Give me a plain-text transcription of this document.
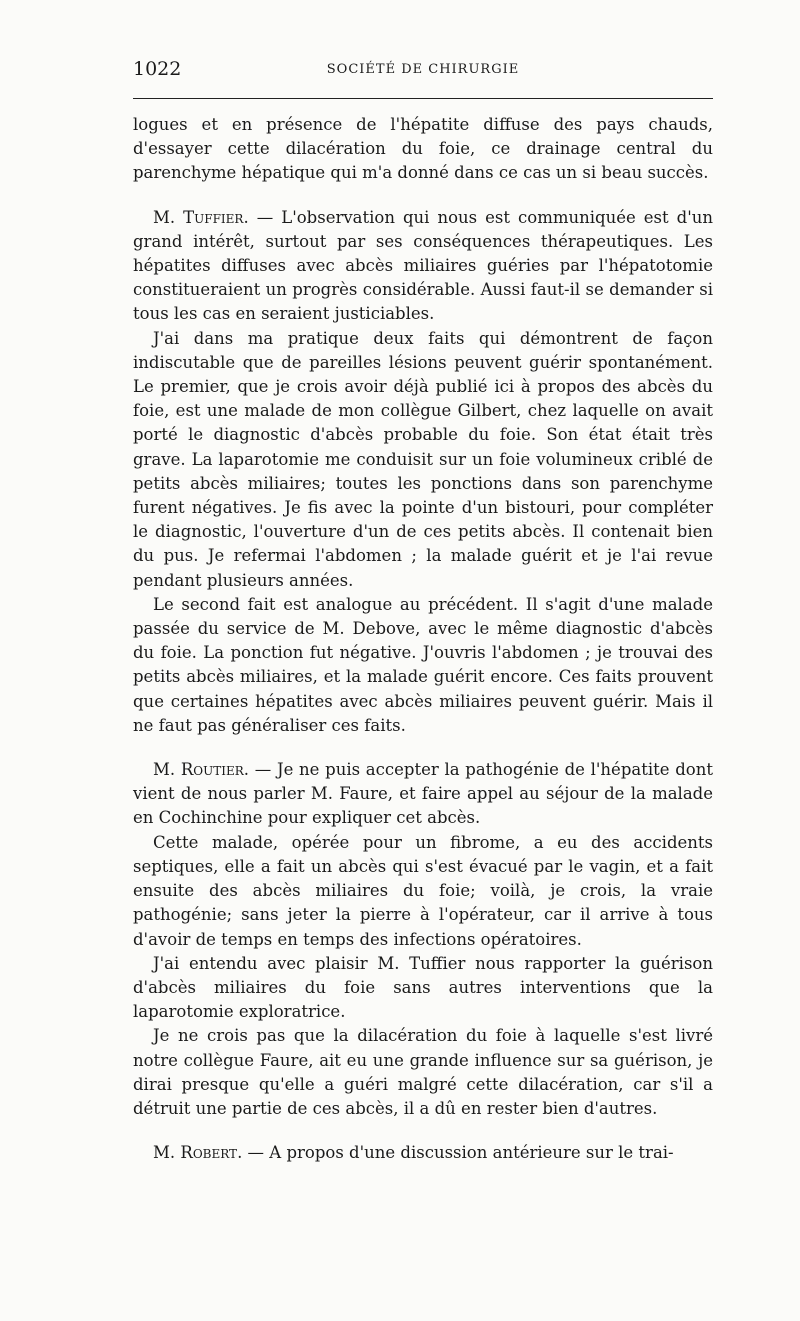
1022	SOCIÉTÉ DE CHIRURGIE

logues et en présence de l'hépatite diffuse des pays chauds, d'essayer cette dilacération du foie, ce drainage central du parenchyme hépatique qui m'a donné dans ce cas un si beau succès.

M. Tuffier. — L'observation qui nous est communiquée est d'un grand intérêt, surtout par ses conséquences thérapeutiques. Les hépatites diffuses avec abcès miliaires guéries par l'hépatotomie constitueraient un progrès considérable. Aussi faut-il se demander si tous les cas en seraient justiciables.

J'ai dans ma pratique deux faits qui démontrent de façon indiscutable que de pareilles lésions peuvent guérir spontanément. Le premier, que je crois avoir déjà publié ici à propos des abcès du foie, est une malade de mon collègue Gilbert, chez laquelle on avait porté le diagnostic d'abcès probable du foie. Son état était très grave. La laparotomie me conduisit sur un foie volumineux criblé de petits abcès miliaires; toutes les ponctions dans son parenchyme furent négatives. Je fis avec la pointe d'un bistouri, pour compléter le diagnostic, l'ouverture d'un de ces petits abcès. Il contenait bien du pus. Je refermai l'abdomen ; la malade guérit et je l'ai revue pendant plusieurs années.

Le second fait est analogue au précédent. Il s'agit d'une malade passée du service de M. Debove, avec le même diagnostic d'abcès du foie. La ponction fut négative. J'ouvris l'abdomen ; je trouvai des petits abcès miliaires, et la malade guérit encore. Ces faits prouvent que certaines hépatites avec abcès miliaires peuvent guérir. Mais il ne faut pas généraliser ces faits.

M. Routier. — Je ne puis accepter la pathogénie de l'hépatite dont vient de nous parler M. Faure, et faire appel au séjour de la malade en Cochinchine pour expliquer cet abcès.

Cette malade, opérée pour un fibrome, a eu des accidents septiques, elle a fait un abcès qui s'est évacué par le vagin, et a fait ensuite des abcès miliaires du foie; voilà, je crois, la vraie pathogénie; sans jeter la pierre à l'opérateur, car il arrive à tous d'avoir de temps en temps des infections opératoires.

J'ai entendu avec plaisir M. Tuffier nous rapporter la guérison d'abcès miliaires du foie sans autres interventions que la laparotomie exploratrice.

Je ne crois pas que la dilacération du foie à laquelle s'est livré notre collègue Faure, ait eu une grande influence sur sa guérison, je dirai presque qu'elle a guéri malgré cette dilacération, car s'il a détruit une partie de ces abcès, il a dû en rester bien d'autres.

M. Robert. — A propos d'une discussion antérieure sur le trai-
